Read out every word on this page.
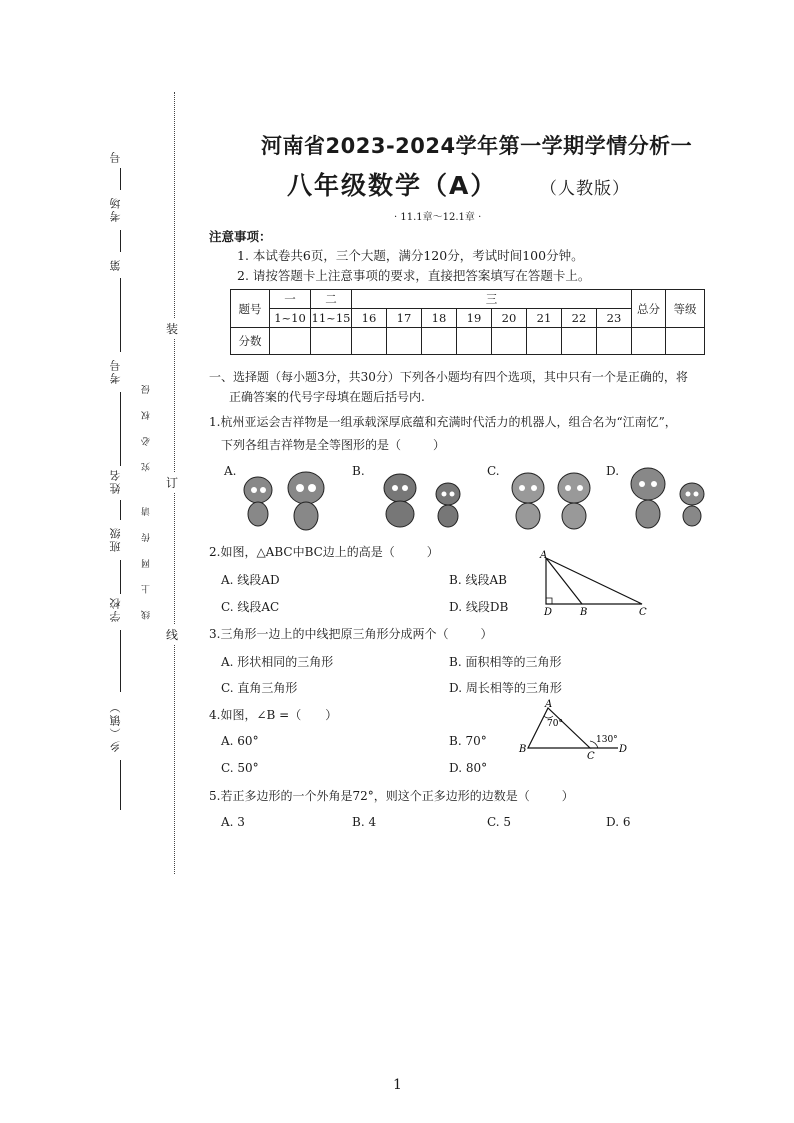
号
考场
第
考号
姓名
班级
学校
乡（镇）
究 必 权 侵
线 上 网 传 请
装
订
线
河南省2023-2024学年第一学期学情分析一
八年级数学（A）	（人教版）
· 11.1章～12.1章 ·
注意事项：
1. 本试卷共6页，三个大题，满分120分，考试时间100分钟。
2. 请按答题卡上注意事项的要求，直接把答案填写在答题卡上。
题号	一	二	三								总分	等级
	1~10	11~15	16	17	18	19	20	21	22	23		
分数												
一、选择题（每小题3分，共30分）下列各小题均有四个选项，其中只有一个是正确的，将
正确答案的代号字母填在题后括号内.
1.杭州亚运会吉祥物是一组承载深厚底蕴和充满时代活力的机器人，组合名为“江南忆”，
下列各组吉祥物是全等图形的是（	）
A.	B.	C.	D.
2.如图，△ABC中BC边上的高是（	）
A. 线段AD	B. 线段AB
C. 线段AC	D. 线段DB
A
D	B	C
3.三角形一边上的中线把原三角形分成两个（	）
A. 形状相同的三角形	B. 面积相等的三角形
C. 直角三角形	D. 周长相等的三角形
4.如图，∠B =（ ）
A. 60°	B. 70°
C. 50°	D. 80°
A
70°
B
C
D
130°
5.若正多边形的一个外角是72°，则这个正多边形的边数是（	）
A. 3	B. 4	C. 5	D. 6
1
